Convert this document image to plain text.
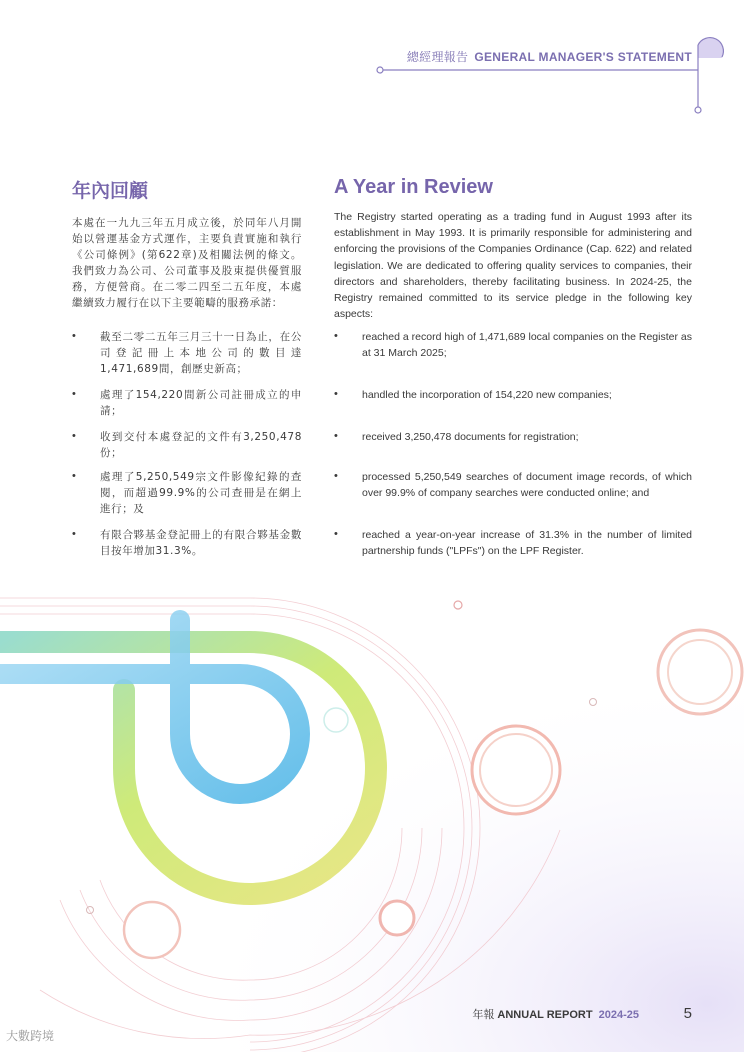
總經理報告 GENERAL MANAGER'S STATEMENT
年內回顧

本處在一九九三年五月成立後，於同年八月開始以營運基金方式運作，主要負責實施和執行《公司條例》(第622章)及相關法例的條文。我們致力為公司、公司董事及股東提供優質服務，方便營商。在二零二四至二五年度，本處繼續致力履行在以下主要範疇的服務承諾：

• 截至二零二五年三月三十一日為止，在公司登記冊上本地公司的數目達1,471,689間，創歷史新高；
• 處理了154,220間新公司註冊成立的申請；
• 收到交付本處登記的文件有3,250,478份；
• 處理了5,250,549宗文件影像紀錄的查閱，而超過99.9%的公司查冊是在網上進行；及
• 有限合夥基金登記冊上的有限合夥基金數目按年增加31.3%。
A Year in Review

The Registry started operating as a trading fund in August 1993 after its establishment in May 1993. It is primarily responsible for administering and enforcing the provisions of the Companies Ordinance (Cap. 622) and related legislation. We are dedicated to offering quality services to companies, their directors and shareholders, thereby facilitating business. In 2024-25, the Registry remained committed to its service pledge in the following key aspects:

• reached a record high of 1,471,689 local companies on the Register as at 31 March 2025;
• handled the incorporation of 154,220 new companies;
• received 3,250,478 documents for registration;
• processed 5,250,549 searches of document image records, of which over 99.9% of company searches were conducted online; and
• reached a year-on-year increase of 31.3% in the number of limited partnership funds ("LPFs") on the LPF Register.
年報 ANNUAL REPORT 2024-25	5
大數跨境
